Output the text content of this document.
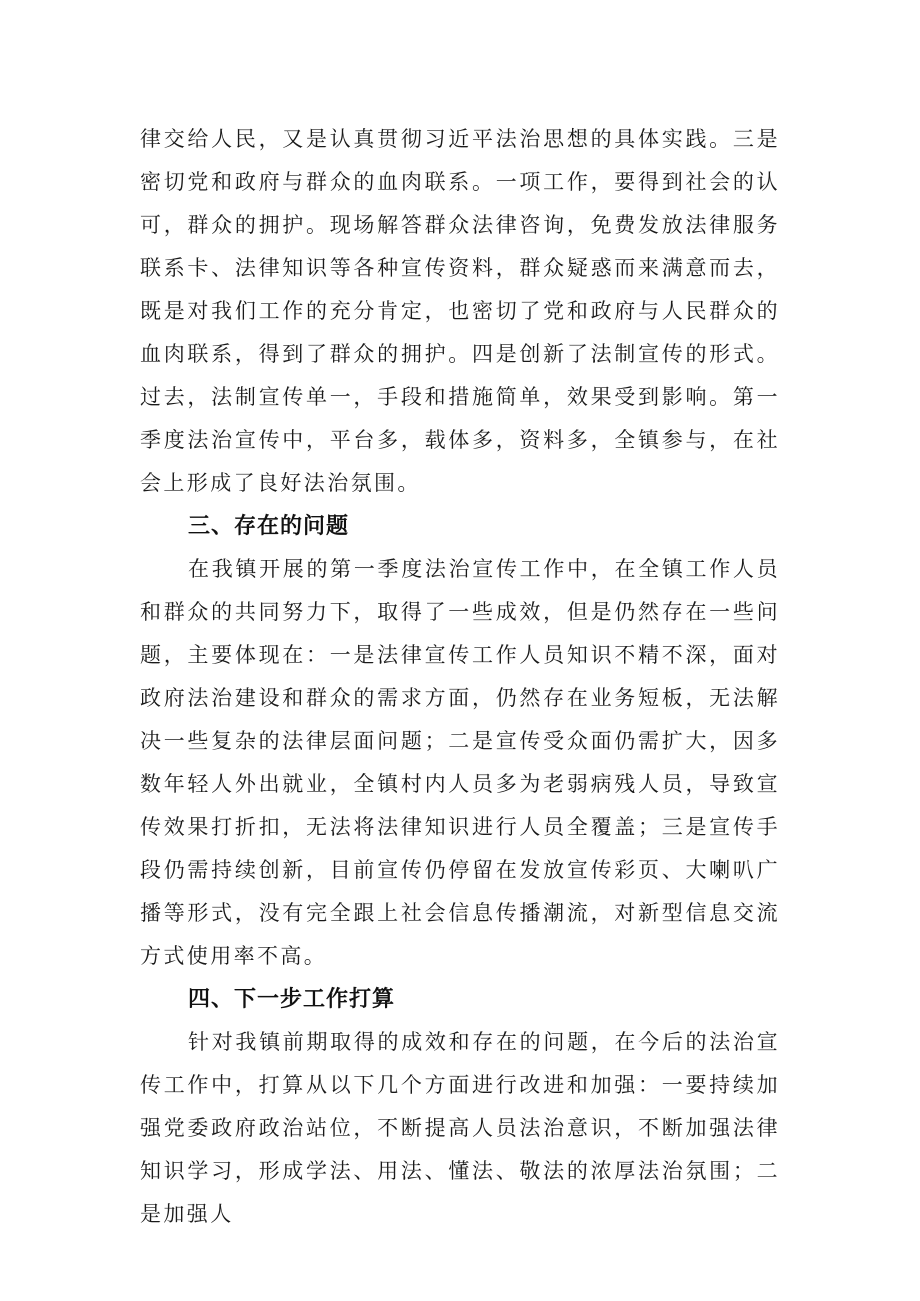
律交给人民，又是认真贯彻习近平法治思想的具体实践。三是密切党和政府与群众的血肉联系。一项工作，要得到社会的认可，群众的拥护。现场解答群众法律咨询，免费发放法律服务联系卡、法律知识等各种宣传资料，群众疑惑而来满意而去，既是对我们工作的充分肯定，也密切了党和政府与人民群众的血肉联系，得到了群众的拥护。四是创新了法制宣传的形式。过去，法制宣传单一，手段和措施简单，效果受到影响。第一季度法治宣传中，平台多，载体多，资料多，全镇参与，在社会上形成了良好法治氛围。

三、存在的问题

在我镇开展的第一季度法治宣传工作中，在全镇工作人员和群众的共同努力下，取得了一些成效，但是仍然存在一些问题，主要体现在：一是法律宣传工作人员知识不精不深，面对政府法治建设和群众的需求方面，仍然存在业务短板，无法解决一些复杂的法律层面问题；二是宣传受众面仍需扩大，因多数年轻人外出就业，全镇村内人员多为老弱病残人员，导致宣传效果打折扣，无法将法律知识进行人员全覆盖；三是宣传手段仍需持续创新，目前宣传仍停留在发放宣传彩页、大喇叭广播等形式，没有完全跟上社会信息传播潮流，对新型信息交流方式使用率不高。

四、下一步工作打算

针对我镇前期取得的成效和存在的问题，在今后的法治宣传工作中，打算从以下几个方面进行改进和加强：一要持续加强党委政府政治站位，不断提高人员法治意识，不断加强法律知识学习，形成学法、用法、懂法、敬法的浓厚法治氛围；二是加强人
